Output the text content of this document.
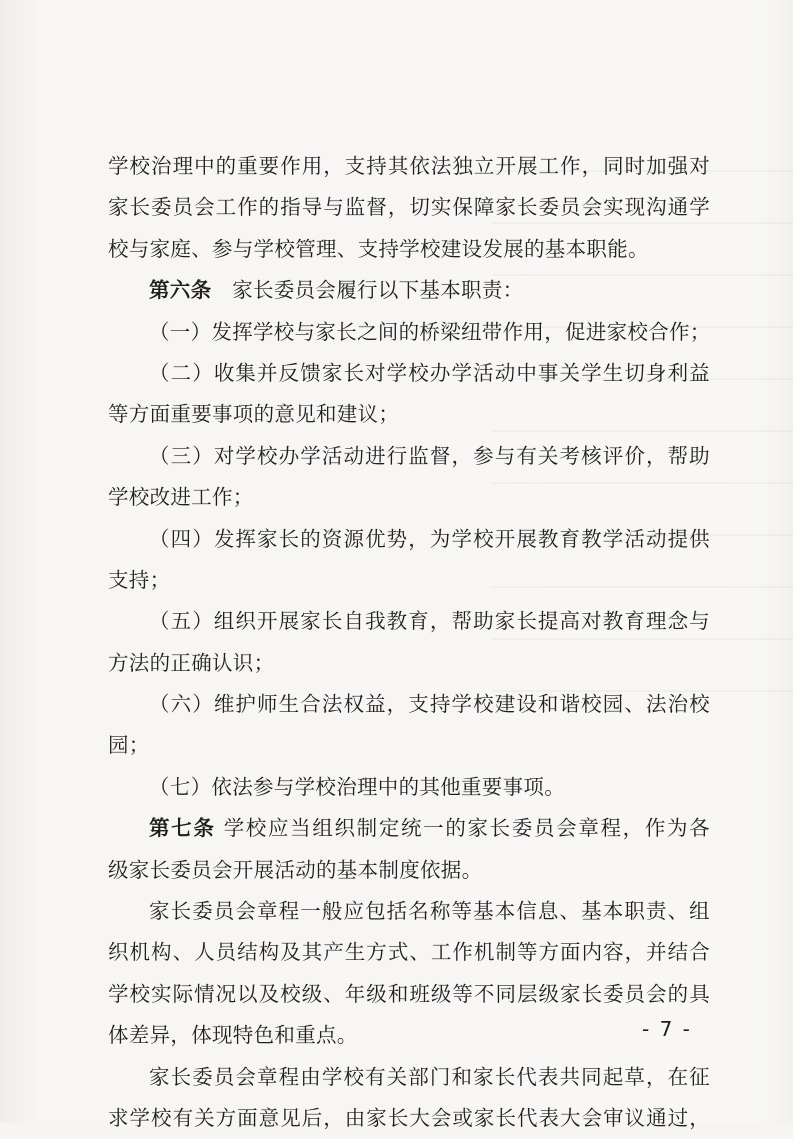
学校治理中的重要作用，支持其依法独立开展工作，同时加强对
家长委员会工作的指导与监督，切实保障家长委员会实现沟通学
校与家庭、参与学校管理、支持学校建设发展的基本职能。
第六条 家长委员会履行以下基本职责：
（一）发挥学校与家长之间的桥梁纽带作用，促进家校合作；
（二）收集并反馈家长对学校办学活动中事关学生切身利益
等方面重要事项的意见和建议；
（三）对学校办学活动进行监督，参与有关考核评价，帮助
学校改进工作；
（四）发挥家长的资源优势，为学校开展教育教学活动提供
支持；
（五）组织开展家长自我教育，帮助家长提高对教育理念与
方法的正确认识；
（六）维护师生合法权益，支持学校建设和谐校园、法治校
园；
（七）依法参与学校治理中的其他重要事项。
第七条 学校应当组织制定统一的家长委员会章程，作为各
级家长委员会开展活动的基本制度依据。
家长委员会章程一般应包括名称等基本信息、基本职责、组
织机构、人员结构及其产生方式、工作机制等方面内容，并结合
学校实际情况以及校级、年级和班级等不同层级家长委员会的具
体差异，体现特色和重点。
家长委员会章程由学校有关部门和家长代表共同起草，在征
求学校有关方面意见后，由家长大会或家长代表大会审议通过，
- 7 -
